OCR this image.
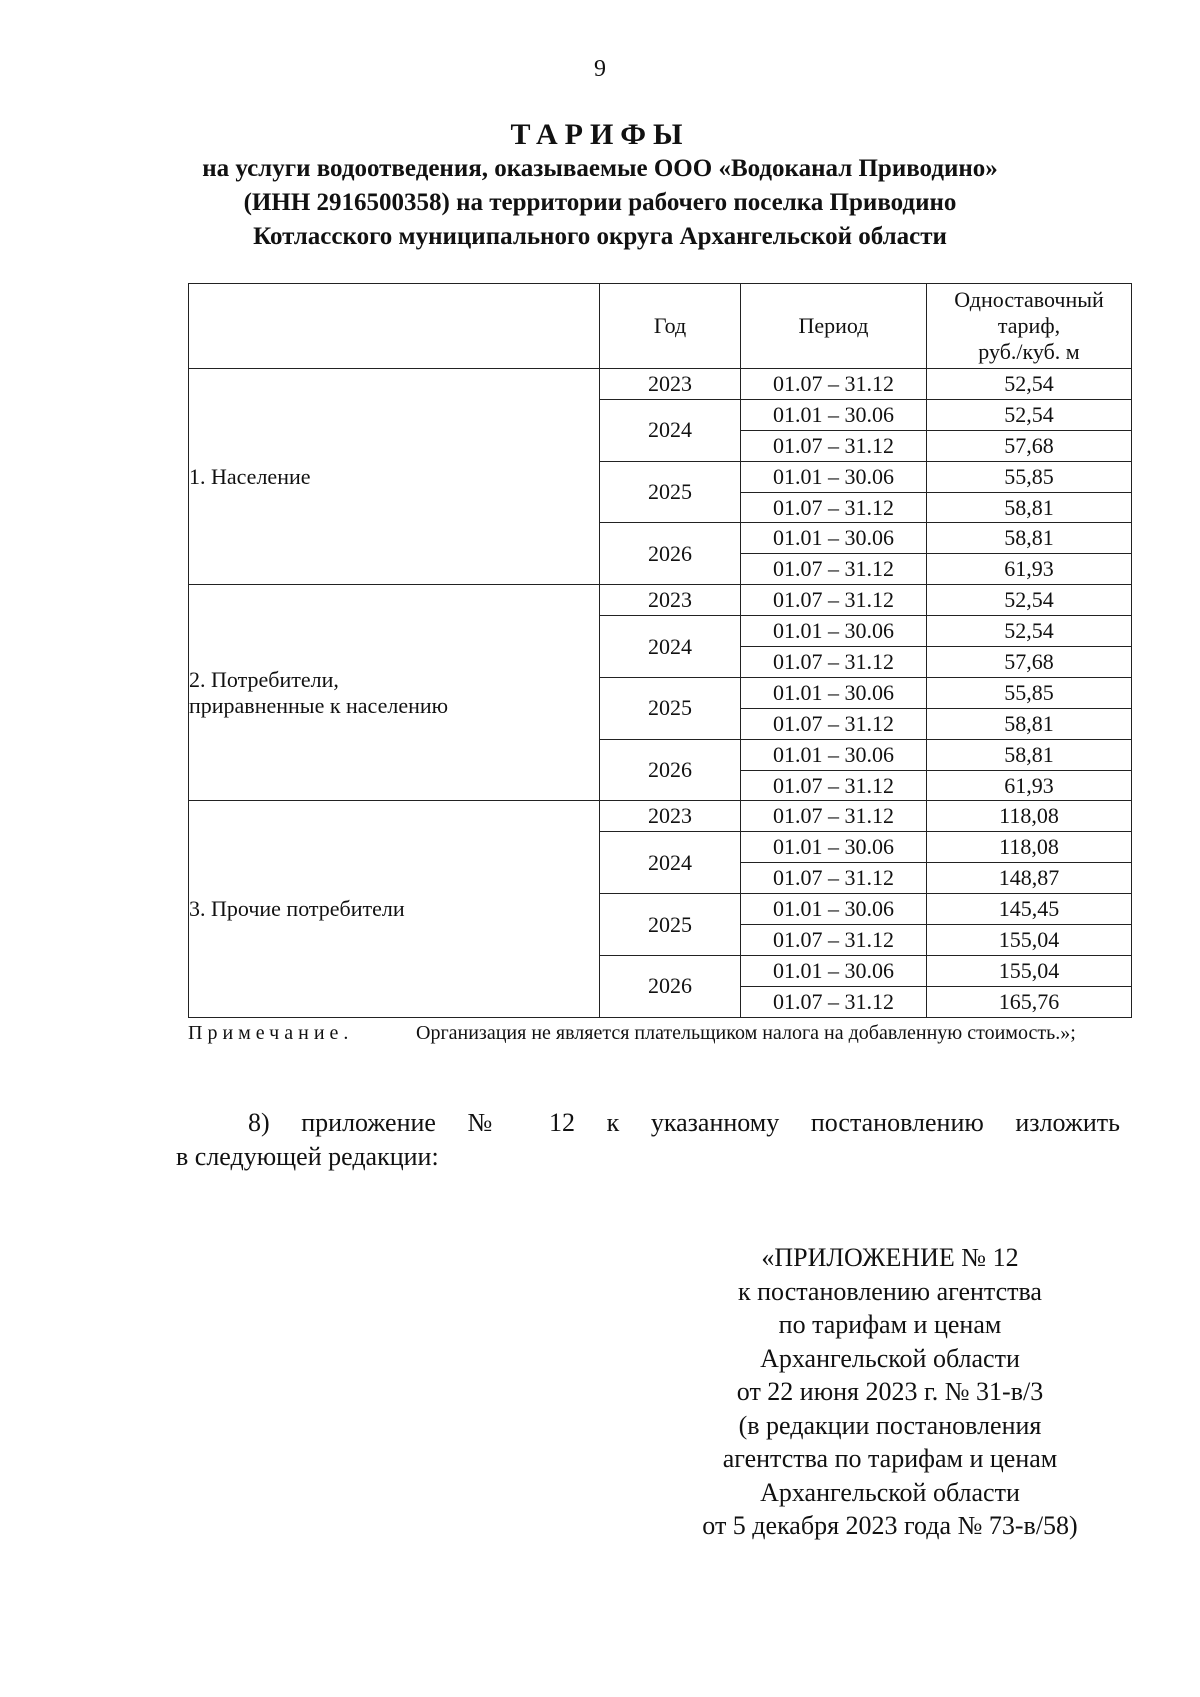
9
ТАРИФЫ
на услуги водоотведения, оказываемые ООО «Водоканал Приводино»
(ИНН 2916500358) на территории рабочего поселка Приводино
Котласского муниципального округа Архангельской области
	Год	Период	Одноставочный
тариф,
руб./куб. м

1. Население	2023	01.07 – 31.12	52,54
	2024	01.01 – 30.06	52,54
		01.07 – 31.12	57,68
	2025	01.01 – 30.06	55,85
		01.07 – 31.12	58,81
	2026	01.01 – 30.06	58,81
		01.07 – 31.12	61,93

2. Потребители,
приравненные к населению	2023	01.07 – 31.12	52,54
	2024	01.01 – 30.06	52,54
		01.07 – 31.12	57,68
	2025	01.01 – 30.06	55,85
		01.07 – 31.12	58,81
	2026	01.01 – 30.06	58,81
		01.07 – 31.12	61,93

3. Прочие потребители	2023	01.07 – 31.12	118,08
	2024	01.01 – 30.06	118,08
		01.07 – 31.12	148,87
	2025	01.01 – 30.06	145,45
		01.07 – 31.12	155,04
	2026	01.01 – 30.06	155,04
		01.07 – 31.12	165,76
Примечание.	Организация не является плательщиком налога на добавленную стоимость.»;
8) приложение № 12 к указанному постановлению изложить
в следующей редакции:
«ПРИЛОЖЕНИЕ № 12
к постановлению агентства
по тарифам и ценам
Архангельской области
от 22 июня 2023 г. № 31-в/3
(в редакции постановления
агентства по тарифам и ценам
Архангельской области
от 5 декабря 2023 года № 73-в/58)
